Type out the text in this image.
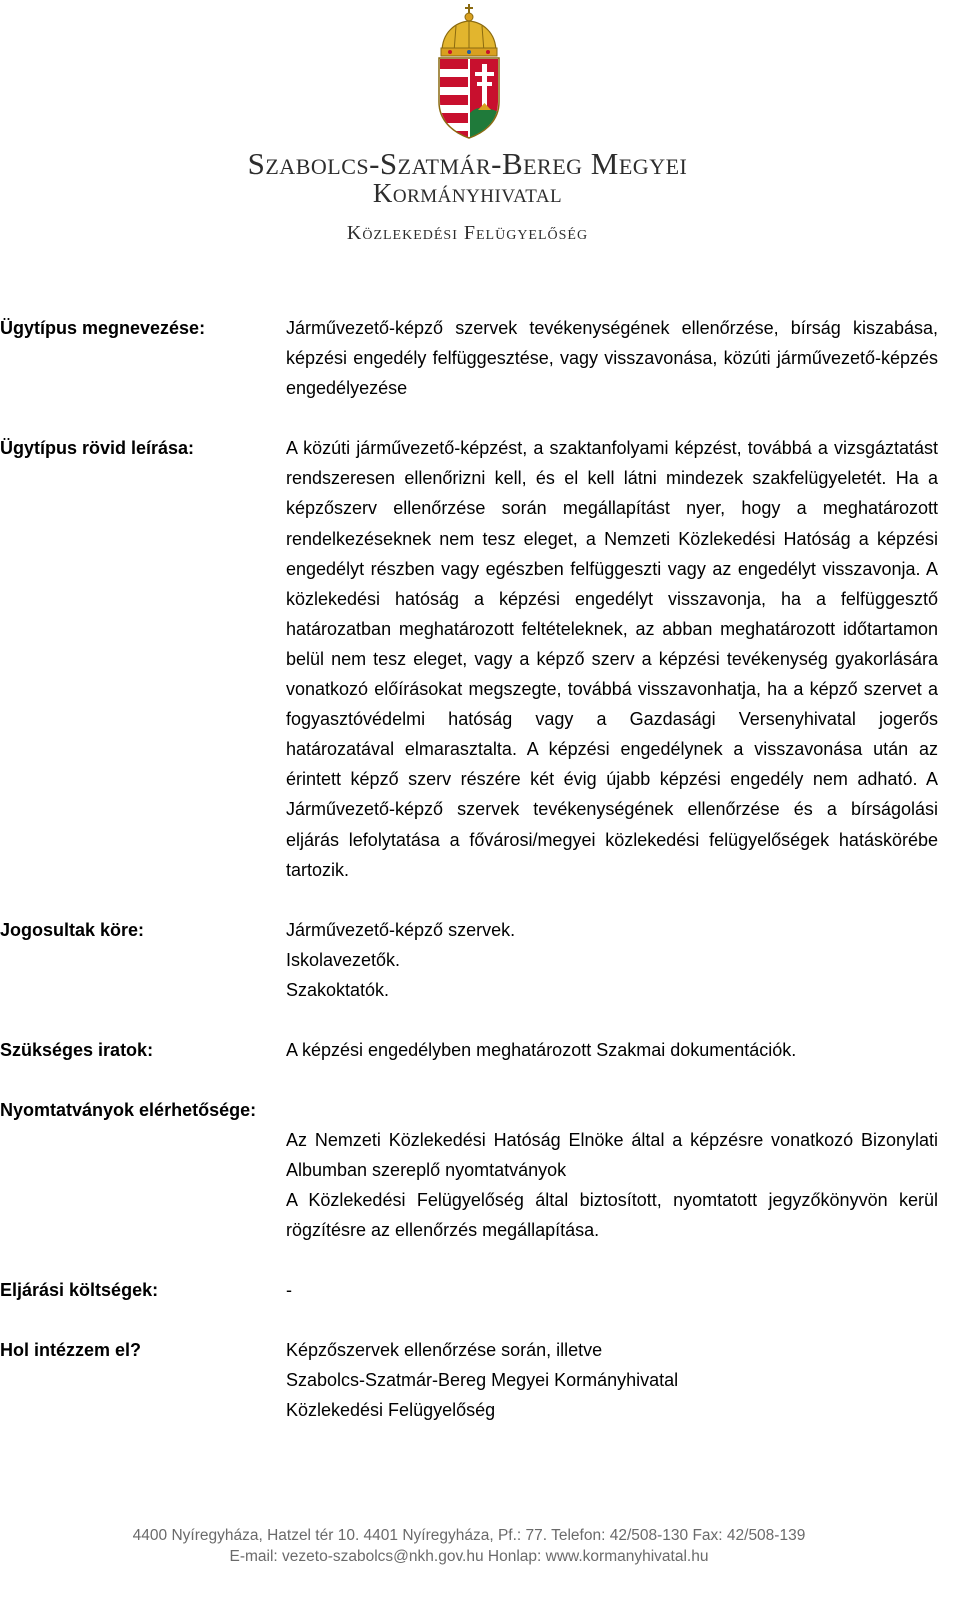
Szabolcs-Szatmár-Bereg Megyei
Kormányhivatal
Közlekedési Felügyelőség
Ügytípus megnevezése:	Járművezető-képző szervek tevékenységének ellenőrzése, bírság kiszabása, képzési engedély felfüggesztése, vagy visszavonása, közúti járművezető-képzés engedélyezése

Ügytípus rövid leírása:	A közúti járművezető-képzést, a szaktanfolyami képzést, továbbá a vizsgáztatást rendszeresen ellenőrizni kell, és el kell látni mindezek szakfelügyeletét. Ha a képzőszerv ellenőrzése során megállapítást nyer, hogy a meghatározott rendelkezéseknek nem tesz eleget, a Nemzeti Közlekedési Hatóság a képzési engedélyt részben vagy egészben felfüggeszti vagy az engedélyt visszavonja. A közlekedési hatóság a képzési engedélyt visszavonja, ha a felfüggesztő határozatban meghatározott feltételeknek, az abban meghatározott időtartamon belül nem tesz eleget, vagy a képző szerv a képzési tevékenység gyakorlására vonatkozó előírásokat megszegte, továbbá visszavonhatja, ha a képző szervet a fogyasztóvédelmi hatóság vagy a Gazdasági Versenyhivatal jogerős határozatával elmarasztalta. A képzési engedélynek a visszavonása után az érintett képző szerv részére két évig újabb képzési engedély nem adható. A Járművezető-képző szervek tevékenységének ellenőrzése és a bírságolási eljárás lefolytatása a fővárosi/megyei közlekedési felügyelőségek hatáskörébe tartozik.

Jogosultak köre:	Járművezető-képző szervek.
Iskolavezetők.
Szakoktatók.
Szükséges iratok:	A képzési engedélyben meghatározott Szakmai dokumentációk.
Nyomtatványok elérhetősége:

Az Nemzeti Közlekedési Hatóság Elnöke által a képzésre vonatkozó Bizonylati Albumban szereplő nyomtatványok

A Közlekedési Felügyelőség által biztosított, nyomtatott jegyzőkönyvön kerül rögzítésre az ellenőrzés megállapítása.

Eljárási költségek:	-
Hol intézzem el?	Képzőszervek ellenőrzése során, illetve
Szabolcs-Szatmár-Bereg Megyei Kormányhivatal
Közlekedési Felügyelőség
4400 Nyíregyháza, Hatzel tér 10. 4401 Nyíregyháza, Pf.: 77. Telefon: 42/508-130 Fax: 42/508-139
E-mail: vezeto-szabolcs@nkh.gov.hu Honlap: www.kormanyhivatal.hu
